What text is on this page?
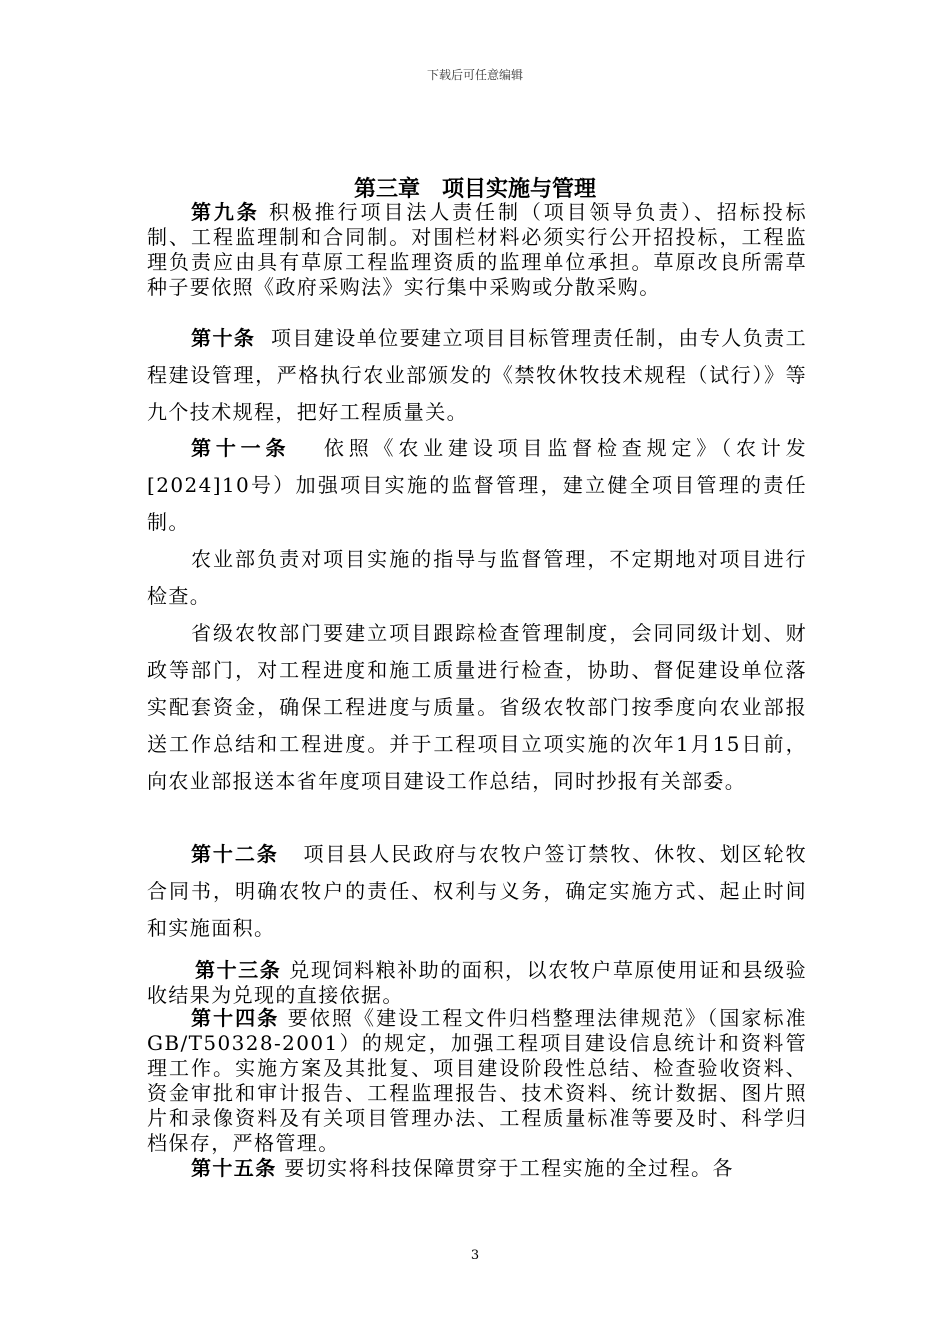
下载后可任意编辑
第三章　项目实施与管理

第九条 积极推行项目法人责任制（项目领导负责）、招标投标制、工程监理制和合同制。对围栏材料必须实行公开招投标，工程监理负责应由具有草原工程监理资质的监理单位承担。草原改良所需草种子要依照《政府采购法》实行集中采购或分散采购。

第十条 项目建设单位要建立项目目标管理责任制，由专人负责工程建设管理，严格执行农业部颁发的《禁牧休牧技术规程（试行）》等九个技术规程，把好工程质量关。

第十一条 依照《农业建设项目监督检查规定》（农计发[2024]10号）加强项目实施的监督管理，建立健全项目管理的责任制。

农业部负责对项目实施的指导与监督管理，不定期地对项目进行检查。

省级农牧部门要建立项目跟踪检查管理制度，会同同级计划、财政等部门，对工程进度和施工质量进行检查，协助、督促建设单位落实配套资金，确保工程进度与质量。省级农牧部门按季度向农业部报送工作总结和工程进度。并于工程项目立项实施的次年1月15日前，向农业部报送本省年度项目建设工作总结，同时抄报有关部委。

第十二条 项目县人民政府与农牧户签订禁牧、休牧、划区轮牧合同书，明确农牧户的责任、权利与义务，确定实施方式、起止时间和实施面积。

第十三条 兑现饲料粮补助的面积，以农牧户草原使用证和县级验收结果为兑现的直接依据。

第十四条 要依照《建设工程文件归档整理法律规范》（国家标准GB/T50328-2001）的规定，加强工程项目建设信息统计和资料管理工作。实施方案及其批复、项目建设阶段性总结、检查验收资料、资金审批和审计报告、工程监理报告、技术资料、统计数据、图片照片和录像资料及有关项目管理办法、工程质量标准等要及时、科学归档保存，严格管理。

第十五条 要切实将科技保障贯穿于工程实施的全过程。各

3
